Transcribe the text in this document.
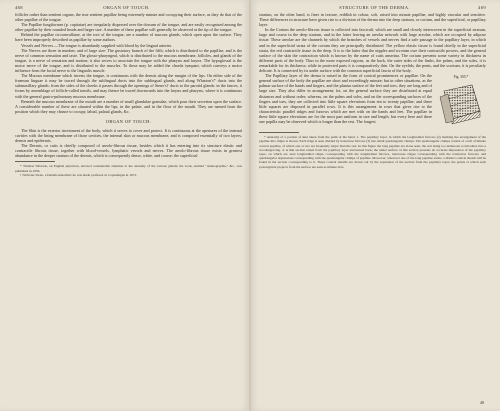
468	ORGAN OF TOUCH.

follicles rather than sentient organs; the true sentient papillae being extremely minute and occupying their surface, as they do that of the other papillae of the tongue.

The Papillae fungiformes (p. capitatae) are irregularly dispersed over the dorsum of the tongue, and are easily recognised among the other papillae by their rounded heads and larger size. A number of these papillae will generally be observed at the tip of the tongue.

Behind the papillae circumvallatae, at the root of the tongue, are a number of mucous glands, which open upon the surface. They have been improperly described as papillae by some authors.

Vessels and Nerves.—The tongue is abundantly supplied with blood by the lingual arteries.

The Nerves are three in number, and of large size: The gustatory branch of the fifth, which is distributed to the papillae, and is the nerve of common sensation and taste. The glosso-pharyngeal, which is distributed to the mucous membrane, follicles, and glands of the tongue, is a nerve of sensation and motion; it also serves to associate the tongue with the pharynx and larynx. The hypoglossal is the motor nerve of the tongue, and is distributed to the muscles. To these may be added the chorda tympani, which conveys a motor influence from the facial nerve to the lingualis muscle.

The Mucous membrane which invests the tongue, is continuous with the dermis along the margin of the lips. On either side of the fraenum linguae it may be traced through the sublingual ducts into the sublingual glands, and along Wharton's* ducts into the submaxillary glands: from the sides of the cheeks it passes through the openings of Steno's† ducts to the parotid glands: in the fauces, it forms by assemblage of follicle-called tonsils, and may thence be traced downwards into the larynx and pharynx, where it is continuous with the general gastro-pulmonary mucous membrane.

Beneath the mucous membrane of the mouth are a number of small glandulae granulae, which pour their secretion upon the surface. A considerable number of these are situated within the lips, in the palate, and in the floor of the mouth. They are named from the position which they may chance to occupy, labial, palatal glands, &c.

ORGAN OF TOUCH.

The Skin is the exterior investment of the body, which it serves to cover and protect. It is continuous at the apertures of the internal cavities with the lining membrane of those cavities, the internal skin or mucous membrane, and is composed essentially of two layers, dermis and epidermis.

The Dermis, or cutis is chiefly composed of areolo-fibrous tissue, besides which it has entering into its structure elastic and contractile fibrous tissue, together with blood-vessels, lymphatic vessels and nerves. The areolo-fibrous tissue exists in greatest abundance in the deeper stratum of the dermis, which is consequently dense, white, and coarse; the superficial

* Thomas Wharton, an English physician, devoted considerable attention to the anatomy of the various glands; his work, entitled "Adenographia," &c., was published in 1656.

† Nicholas Steno, a Danish anatomist: he was made professor in Copenhagen in 1672.

STRUCTURE OF THE DERMA.	469

stratum, on the other hand, is finer in texture, reddish in colour, soft, raised into minute papillae, and highly vascular and sensitive. These differences in structure have given rise to a division of the derma into the deep stratum, or corium, and the superficial, or papillary layer.

In the Corium the areolo-fibrous tissue is collected into fasciculi, which are small and closely interwoven in the superficial stratum, large and coarse in the deep stratum, and in the latter leaving an areolar network with large areolae, which are occupied by adipose tissue. These areolae are the channels by which the branches of vessels and nerves find a safe passage to the papillary layer, in which and in the superficial strata of the corium they are principally distributed. The yellow elastic tissue is found chiefly in the superficial strata, the red contractile tissue in the deep. It is to the latter that the nipples and scrotum owe their contractile powers, and the general surface of the skin the contraction which is known by the name of cutis anserina. The corium presents some variety in thickness in different parts of the body. Thus in the more exposed regions, as the back, the outer sides of the limbs, the palms, and the soles, it is remarkable for its thickness; while in protected parts it is comparatively thin. On the eyelids, the penis, and the scrotum, it is peculiarly delicate. It is connected by its under surface with the common superficial fascia of the body.

Fig. 305.*

The Papillary layer of the derma is raised in the form of conical prominences or papillae. On the general surface of the body the papillae are short and exceedingly minute; but in other situations, as the palmar surface of the hands and fingers, and the plantar surface of the feet and toes, they are long and of large size. They also differ in arrangement; for, on the general surface they are distributed at equal distances and without order; whereas, on the palms and soles, and on the corresponding surfaces of the fingers and toes, they are collected into little square elevations from ten to twenty papillae; and these little squares are disposed in parallel rows. It is this arrangement in rows that gives rise to the characteristic parallel ridges and furrows which are met with on the hands and feet. The papillae in these little square elevations are for the most part uniform in size and length, but every here and there one papilla may be observed which is longer than the rest. The longest

* Anatomy of a portion of skin taken from the palm of the hand. 1. The papillary layer, in which the longitudinal furrows (2) marking the arrangement of the papillae into ridges is shown. Each ridge is seen divided by transverse furrows (3) into small quadrangular clumps. The quadrangular clumps consist of a tuft of minute conical papillae, of which one or two are frequently larger than the rest. In this figure the long papillae are alone seen, the rest being too numerous to introduce into a woodengraving. 4. A thin section raised from the papillary layer and turned back; the under surface of this section presents an accurate impression of the papillary layer, on which are seen longitudinal ridges corresponding with the longitudinal furrows, transverse ridges corresponding with the transverse furrows, and quadrangular depressions corresponding with the quadrangular clumps of papillae. Moreover, wherever one of the long papillae exists, a distinct conical sheath will be found in the section corresponding to it. These conical sheaths are drawn out by the separation of the section from the papillary layer; the points at which such prolongation projects from the surface are seen as minute dots.

40
